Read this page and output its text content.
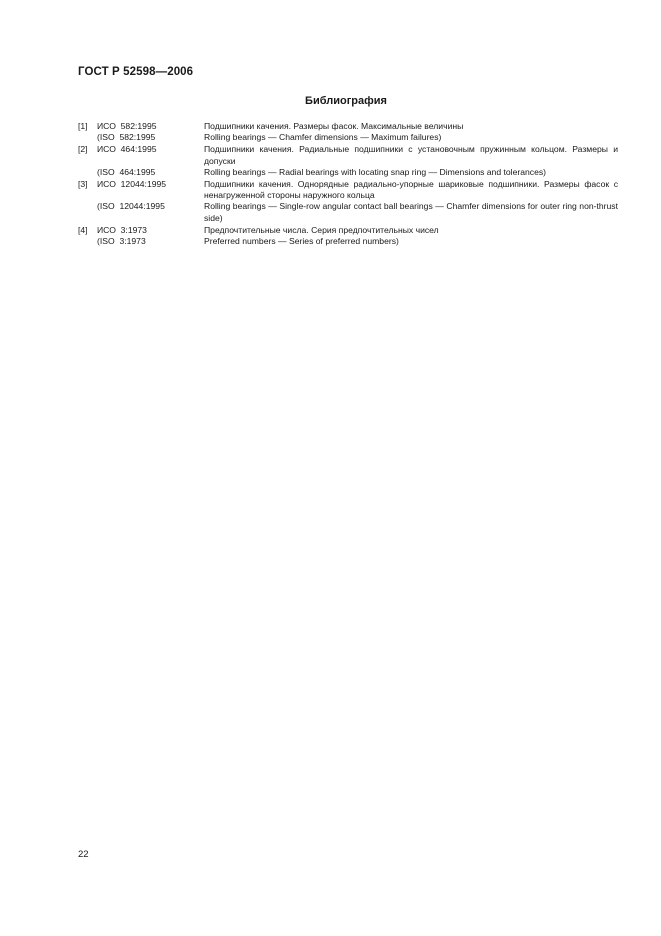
ГОСТ Р 52598—2006
Библиография
[1]	ИСО  582:1995	Подшипники качения. Размеры фасок. Максимальные величины
(ISO  582:1995	Rolling bearings — Chamfer dimensions — Maximum failures)
[2]	ИСО  464:1995	Подшипники качения. Радиальные подшипники с установочным пружинным кольцом. Размеры и допуски
(ISO  464:1995	Rolling bearings — Radial bearings with locating snap ring — Dimensions and tolerances)
[3]	ИСО  12044:1995	Подшипники качения. Однорядные радиально-упорные шариковые подшипники. Размеры фасок с ненагруженной стороны наружного кольца
(ISO  12044:1995	Rolling bearings — Single-row angular contact ball bearings — Chamfer dimensions for outer ring non-thrust side)
[4]	ИСО  3:1973	Предпочтительные числа. Серия предпочтительных чисел
(ISO  3:1973	Preferred numbers — Series of preferred numbers)
22
